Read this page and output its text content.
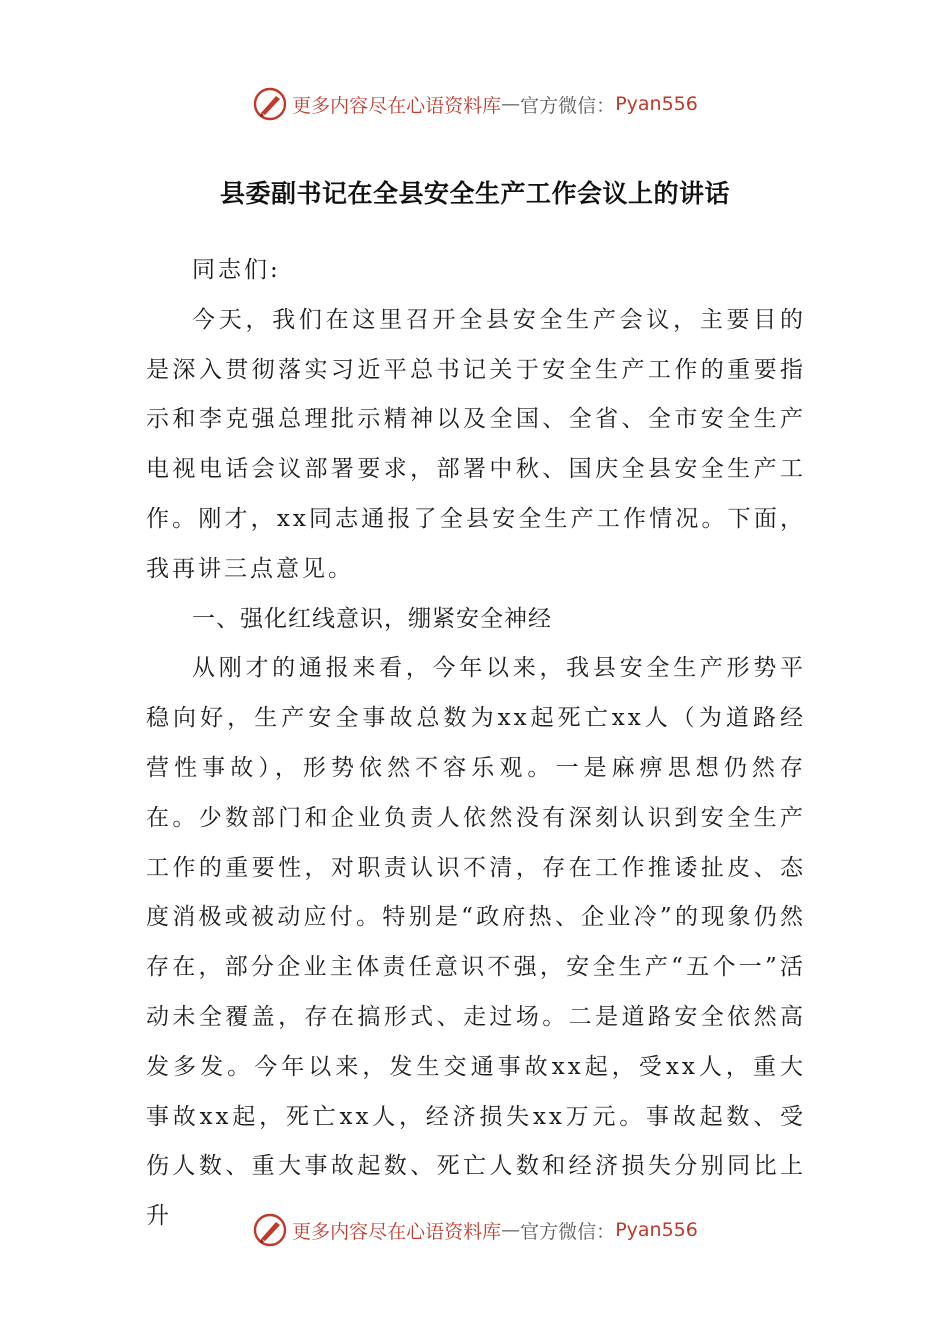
更多内容尽在心语资料库 — 官方微信： Pyan556
县委副书记在全县安全生产工作会议上的讲话

同志们:

今天，我们在这里召开全县安全生产会议，主要目的是深入贯彻落实习近平总书记关于安全生产工作的重要指示和李克强总理批示精神以及全国、全省、全市安全生产电视电话会议部署要求，部署中秋、国庆全县安全生产工作。刚才，xx同志通报了全县安全生产工作情况。下面，我再讲三点意见。

一、强化红线意识，绷紧安全神经

从刚才的通报来看，今年以来，我县安全生产形势平稳向好，生产安全事故总数为xx起死亡xx人（为道路经营性事故），形势依然不容乐观。一是麻痹思想仍然存在。少数部门和企业负责人依然没有深刻认识到安全生产工作的重要性，对职责认识不清，存在工作推诿扯皮、态度消极或被动应付。特别是“政府热、企业冷”的现象仍然存在，部分企业主体责任意识不强，安全生产“五个一”活动未全覆盖，存在搞形式、走过场。二是道路安全依然高发多发。今年以来，发生交通事故xx起，受xx人，重大事故xx起，死亡xx人，经济损失xx万元。事故起数、受伤人数、重大事故起数、死亡人数和经济损失分别同比上升

更多内容尽在心语资料库 — 官方微信： Pyan556
